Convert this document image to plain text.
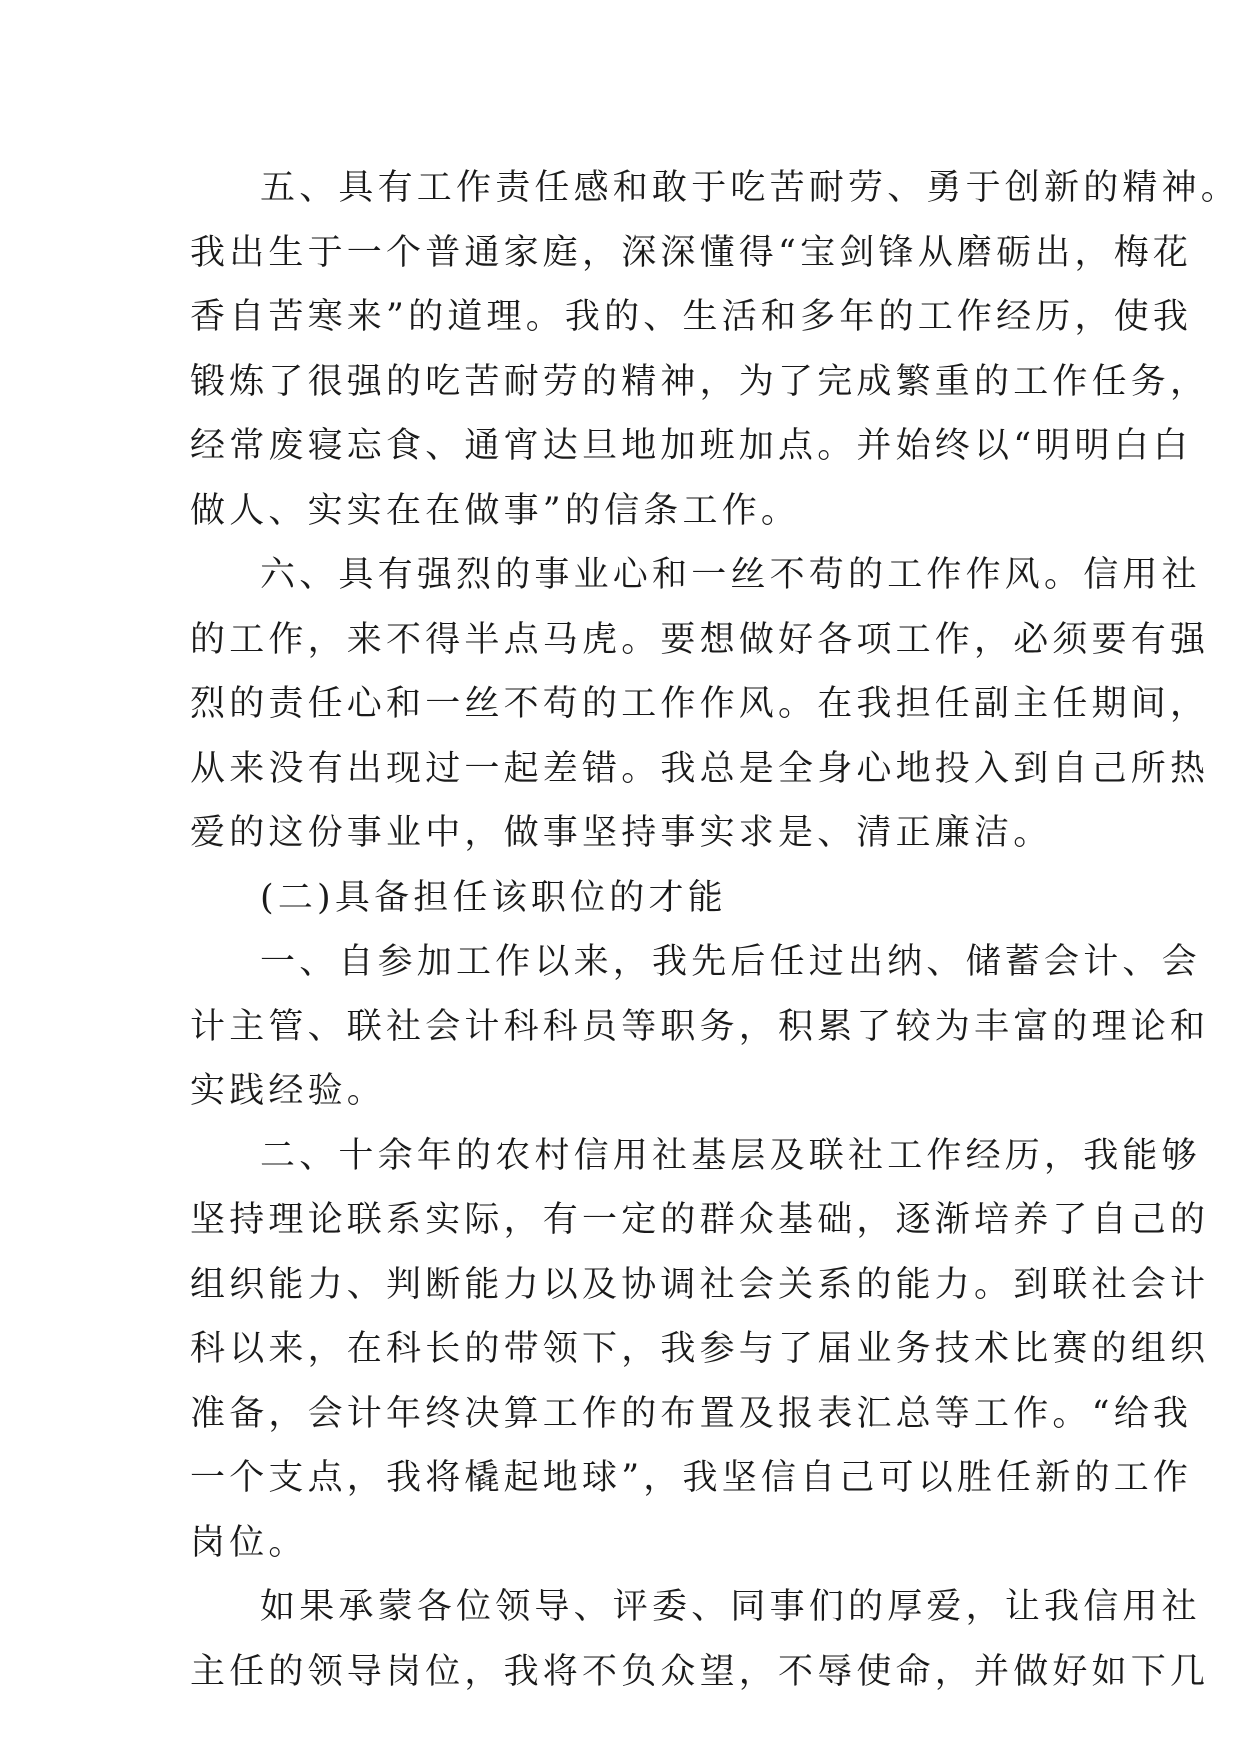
五、具有工作责任感和敢于吃苦耐劳、勇于创新的精神。
我出生于一个普通家庭，深深懂得“宝剑锋从磨砺出，梅花
香自苦寒来”的道理。我的、生活和多年的工作经历，使我
锻炼了很强的吃苦耐劳的精神，为了完成繁重的工作任务，
经常废寝忘食、通宵达旦地加班加点。并始终以“明明白白
做人、实实在在做事”的信条工作。
六、具有强烈的事业心和一丝不苟的工作作风。信用社
的工作，来不得半点马虎。要想做好各项工作，必须要有强
烈的责任心和一丝不苟的工作作风。在我担任副主任期间，
从来没有出现过一起差错。我总是全身心地投入到自己所热
爱的这份事业中，做事坚持事实求是、清正廉洁。
(二)具备担任该职位的才能
一、自参加工作以来，我先后任过出纳、储蓄会计、会
计主管、联社会计科科员等职务，积累了较为丰富的理论和
实践经验。
二、十余年的农村信用社基层及联社工作经历，我能够
坚持理论联系实际，有一定的群众基础，逐渐培养了自己的
组织能力、判断能力以及协调社会关系的能力。到联社会计
科以来，在科长的带领下，我参与了届业务技术比赛的组织
准备，会计年终决算工作的布置及报表汇总等工作。“给我
一个支点，我将橇起地球”，我坚信自己可以胜任新的工作
岗位。
如果承蒙各位领导、评委、同事们的厚爱，让我信用社
主任的领导岗位，我将不负众望，不辱使命，并做好如下几
